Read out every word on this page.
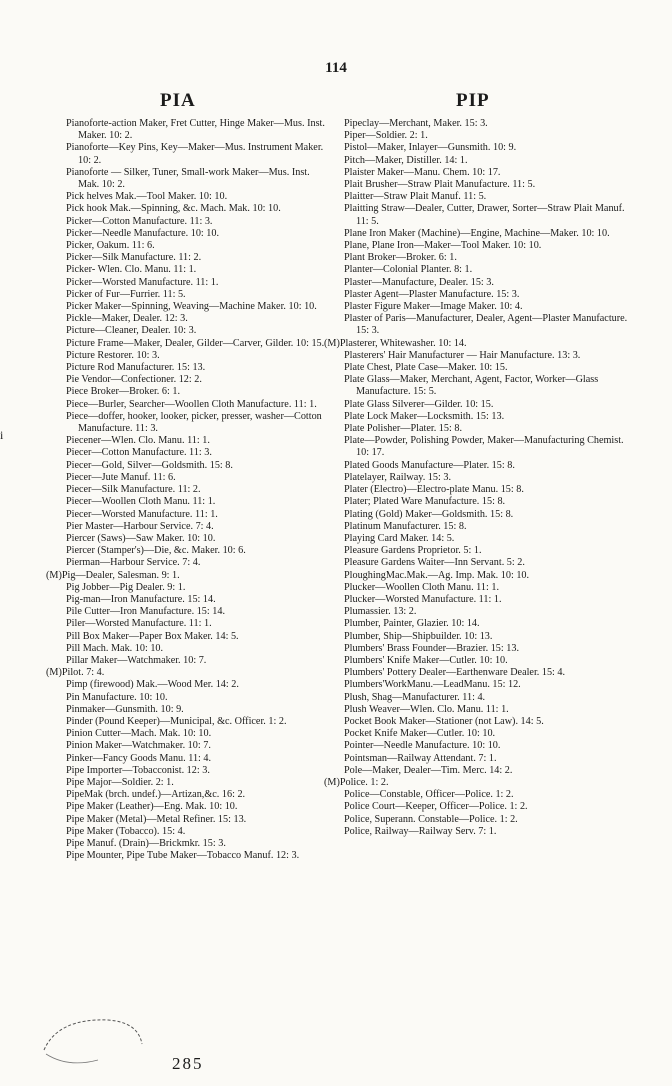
114
PIA	PIP
i
Pianoforte-action Maker, Fret Cutter, Hinge Maker—Mus. Inst. Maker. 10: 2.
Pianoforte—Key Pins, Key—Maker—Mus. Instrument Maker. 10: 2.
Pianoforte — Silker, Tuner, Small-work Maker—Mus. Inst. Mak. 10: 2.
Pick helves Mak.—Tool Maker. 10: 10.
Pick hook Mak.—Spinning, &c. Mach. Mak. 10: 10.
Picker—Cotton Manufacture. 11: 3.
Picker—Needle Manufacture. 10: 10.
Picker, Oakum. 11: 6.
Picker—Silk Manufacture. 11: 2.
Picker- Wlen. Clo. Manu. 11: 1.
Picker—Worsted Manufacture. 11: 1.
Picker of Fur—Furrier. 11: 5.
Picker Maker—Spinning, Weaving—Machine Maker. 10: 10.
Pickle—Maker, Dealer. 12: 3.
Picture—Cleaner, Dealer. 10: 3.
Picture Frame—Maker, Dealer, Gilder—Carver, Gilder. 10: 15.
Picture Restorer. 10: 3.
Picture Rod Manufacturer. 15: 13.
Pie Vendor—Confectioner. 12: 2.
Piece Broker—Broker. 6: 1.
Piece—Burler, Searcher—Woollen Cloth Manufacture. 11: 1.
Piece—doffer, hooker, looker, picker, presser, washer—Cotton Manufacture. 11: 3.
Piecener—Wlen. Clo. Manu. 11: 1.
Piecer—Cotton Manufacture. 11: 3.
Piecer—Gold, Silver—Goldsmith. 15: 8.
Piecer—Jute Manuf. 11: 6.
Piecer—Silk Manufacture. 11: 2.
Piecer—Woollen Cloth Manu. 11: 1.
Piecer—Worsted Manufacture. 11: 1.
Pier Master—Harbour Service. 7: 4.
Piercer (Saws)—Saw Maker. 10: 10.
Piercer (Stamper's)—Die, &c. Maker. 10: 6.
Pierman—Harbour Service. 7: 4.
(M)Pig—Dealer, Salesman. 9: 1.
Pig Jobber—Pig Dealer. 9: 1.
Pig-man—Iron Manufacture. 15: 14.
Pile Cutter—Iron Manufacture. 15: 14.
Piler—Worsted Manufacture. 11: 1.
Pill Box Maker—Paper Box Maker. 14: 5.
Pill Mach. Mak. 10: 10.
Pillar Maker—Watchmaker. 10: 7.
(M)Pilot. 7: 4.
Pimp (firewood) Mak.—Wood Mer. 14: 2.
Pin Manufacture. 10: 10.
Pinmaker—Gunsmith. 10: 9.
Pinder (Pound Keeper)—Municipal, &c. Officer. 1: 2.
Pinion Cutter—Mach. Mak. 10: 10.
Pinion Maker—Watchmaker. 10: 7.
Pinker—Fancy Goods Manu. 11: 4.
Pipe Importer—Tobacconist. 12: 3.
Pipe Major—Soldier. 2: 1.
PipeMak (brch. undef.)—Artizan,&c. 16: 2.
Pipe Maker (Leather)—Eng. Mak. 10: 10.
Pipe Maker (Metal)—Metal Refiner. 15: 13.
Pipe Maker (Tobacco). 15: 4.
Pipe Manuf. (Drain)—Brickmkr. 15: 3.
Pipe Mounter, Pipe Tube Maker—Tobacco Manuf. 12: 3.
Pipeclay—Merchant, Maker. 15: 3.
Piper—Soldier. 2: 1.
Pistol—Maker, Inlayer—Gunsmith. 10: 9.
Pitch—Maker, Distiller. 14: 1.
Plaister Maker—Manu. Chem. 10: 17.
Plait Brusher—Straw Plait Manufacture. 11: 5.
Plaitter—Straw Plait Manuf. 11: 5.
Plaitting Straw—Dealer, Cutter, Drawer, Sorter—Straw Plait Manuf. 11: 5.
Plane Iron Maker (Machine)—Engine, Machine—Maker. 10: 10.
Plane, Plane Iron—Maker—Tool Maker. 10: 10.
Plant Broker—Broker. 6: 1.
Planter—Colonial Planter. 8: 1.
Plaster—Manufacture, Dealer. 15: 3.
Plaster Agent—Plaster Manufacture. 15: 3.
Plaster Figure Maker—Image Maker. 10: 4.
Plaster of Paris—Manufacturer, Dealer, Agent—Plaster Manufacture. 15: 3.
(M)Plasterer, Whitewasher. 10: 14.
Plasterers' Hair Manufacturer — Hair Manufacture. 13: 3.
Plate Chest, Plate Case—Maker. 10: 15.
Plate Glass—Maker, Merchant, Agent, Factor, Worker—Glass Manufacture. 15: 5.
Plate Glass Silverer—Gilder. 10: 15.
Plate Lock Maker—Locksmith. 15: 13.
Plate Polisher—Plater. 15: 8.
Plate—Powder, Polishing Powder, Maker—Manufacturing Chemist. 10: 17.
Plated Goods Manufacture—Plater. 15: 8.
Platelayer, Railway. 15: 3.
Plater (Electro)—Electro-plate Manu. 15: 8.
Plater; Plated Ware Manufacture. 15: 8.
Plating (Gold) Maker—Goldsmith. 15: 8.
Platinum Manufacturer. 15: 8.
Playing Card Maker. 14: 5.
Pleasure Gardens Proprietor. 5: 1.
Pleasure Gardens Waiter—Inn Servant. 5: 2.
PloughingMac.Mak.—Ag. Imp. Mak. 10: 10.
Plucker—Woollen Cloth Manu. 11: 1.
Plucker—Worsted Manufacture. 11: 1.
Plumassier. 13: 2.
Plumber, Painter, Glazier. 10: 14.
Plumber, Ship—Shipbuilder. 10: 13.
Plumbers' Brass Founder—Brazier. 15: 13.
Plumbers' Knife Maker—Cutler. 10: 10.
Plumbers' Pottery Dealer—Earthenware Dealer. 15: 4.
Plumbers'WorkManu.—LeadManu. 15: 12.
Plush, Shag—Manufacturer. 11: 4.
Plush Weaver—Wlen. Clo. Manu. 11: 1.
Pocket Book Maker—Stationer (not Law). 14: 5.
Pocket Knife Maker—Cutler. 10: 10.
Pointer—Needle Manufacture. 10: 10.
Pointsman—Railway Attendant. 7: 1.
Pole—Maker, Dealer—Tim. Merc. 14: 2.
(M)Police. 1: 2.
Police—Constable, Officer—Police. 1: 2.
Police Court—Keeper, Officer—Police. 1: 2.
Police, Superann. Constable—Police. 1: 2.
Police, Railway—Railway Serv. 7: 1.
285
